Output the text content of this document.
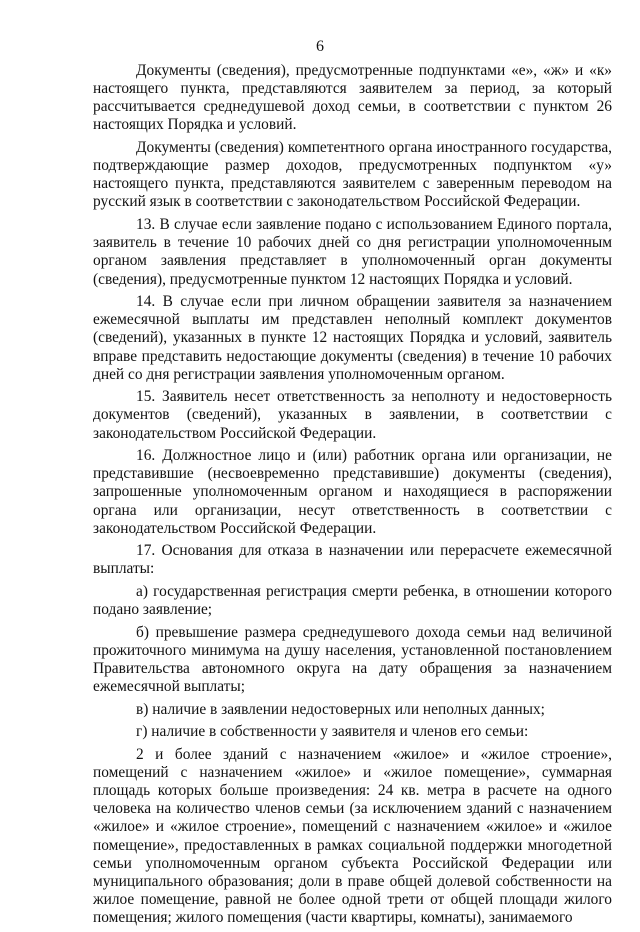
6

Документы (сведения), предусмотренные подпунктами «е», «ж» и «к» настоящего пункта, представляются заявителем за период, за который рассчитывается среднедушевой доход семьи, в соответствии с пунктом 26 настоящих Порядка и условий.

Документы (сведения) компетентного органа иностранного государства, подтверждающие размер доходов, предусмотренных подпунктом «у» настоящего пункта, представляются заявителем с заверенным переводом на русский язык в соответствии с законодательством Российской Федерации.

13. В случае если заявление подано с использованием Единого портала, заявитель в течение 10 рабочих дней со дня регистрации уполномоченным органом заявления представляет в уполномоченный орган документы (сведения), предусмотренные пунктом 12 настоящих Порядка и условий.

14. В случае если при личном обращении заявителя за назначением ежемесячной выплаты им представлен неполный комплект документов (сведений), указанных в пункте 12 настоящих Порядка и условий, заявитель вправе представить недостающие документы (сведения) в течение 10 рабочих дней со дня регистрации заявления уполномоченным органом.

15. Заявитель несет ответственность за неполноту и недостоверность документов (сведений), указанных в заявлении, в соответствии с законодательством Российской Федерации.

16. Должностное лицо и (или) работник органа или организации, не представившие (несвоевременно представившие) документы (сведения), запрошенные уполномоченным органом и находящиеся в распоряжении органа или организации, несут ответственность в соответствии с законодательством Российской Федерации.

17. Основания для отказа в назначении или перерасчете ежемесячной выплаты:

а) государственная регистрация смерти ребенка, в отношении которого подано заявление;

б) превышение размера среднедушевого дохода семьи над величиной прожиточного минимума на душу населения, установленной постановлением Правительства автономного округа на дату обращения за назначением ежемесячной выплаты;

в) наличие в заявлении недостоверных или неполных данных;

г) наличие в собственности у заявителя и членов его семьи:

2 и более зданий с назначением «жилое» и «жилое строение», помещений с назначением «жилое» и «жилое помещение», суммарная площадь которых больше произведения: 24 кв. метра в расчете на одного человека на количество членов семьи (за исключением зданий с назначением «жилое» и «жилое строение», помещений с назначением «жилое» и «жилое помещение», предоставленных в рамках социальной поддержки многодетной семьи уполномоченным органом субъекта Российской Федерации или муниципального образования; доли в праве общей долевой собственности на жилое помещение, равной не более одной трети от общей площади жилого помещения; жилого помещения (части квартиры, комнаты), занимаемого
